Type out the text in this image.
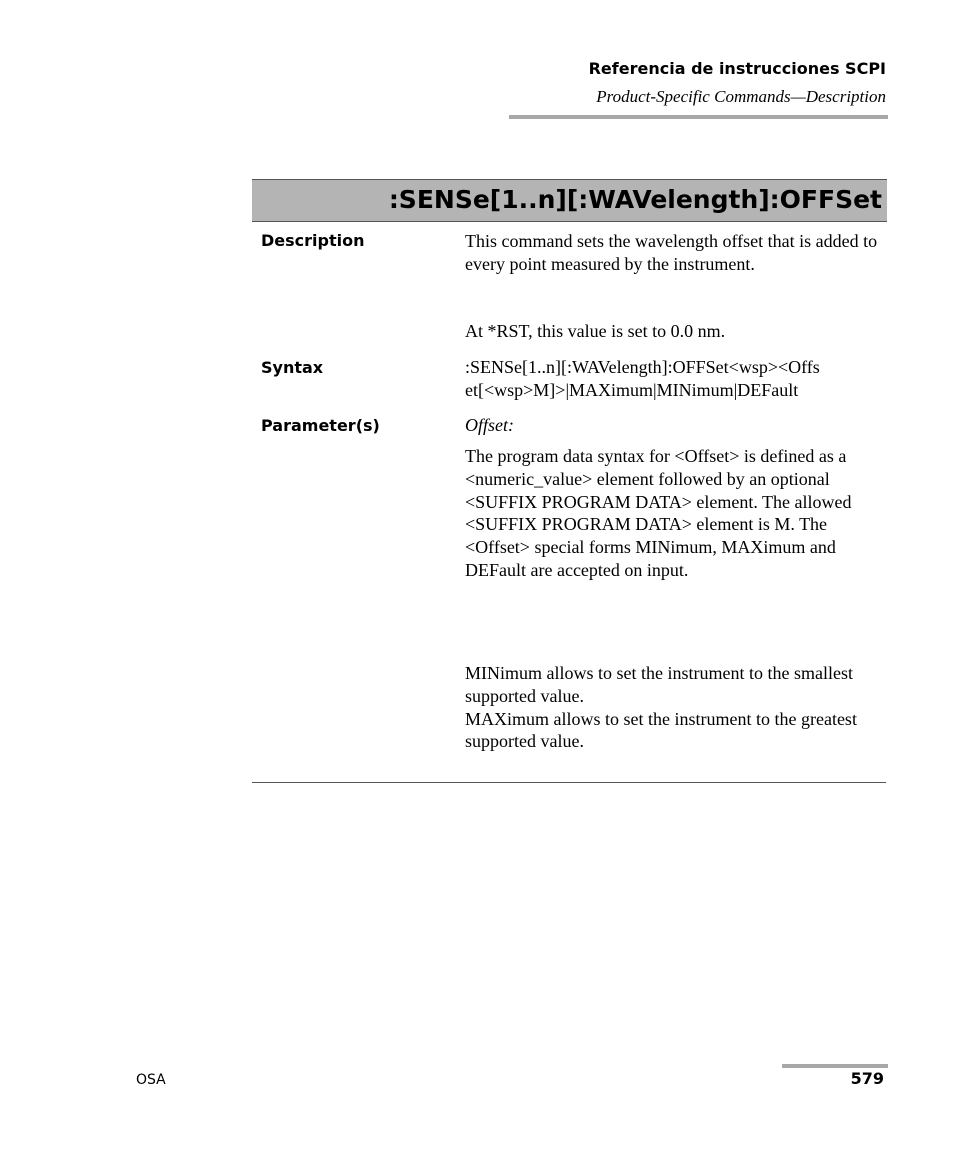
Referencia de instrucciones SCPI
Product-Specific Commands—Description
:SENSe[1..n][:WAVelength]:OFFSet
Description	This command sets the wavelength offset that is added to every point measured by the instrument.

At *RST, this value is set to 0.0 nm.

Syntax	:SENSe[1..n][:WAVelength]:OFFSet<wsp><Offs

et[<wsp>M]>|MAXimum|MINimum|DEFault

Parameter(s)	Offset:

The program data syntax for <Offset> is defined as a <numeric_value> element followed by an optional <SUFFIX PROGRAM DATA> element. The allowed <SUFFIX PROGRAM DATA> element is M. The <Offset> special forms MINimum, MAXimum and DEFault are accepted on input.

MINimum allows to set the instrument to the smallest supported value.

MAXimum allows to set the instrument to the greatest supported value.

OSA	579
